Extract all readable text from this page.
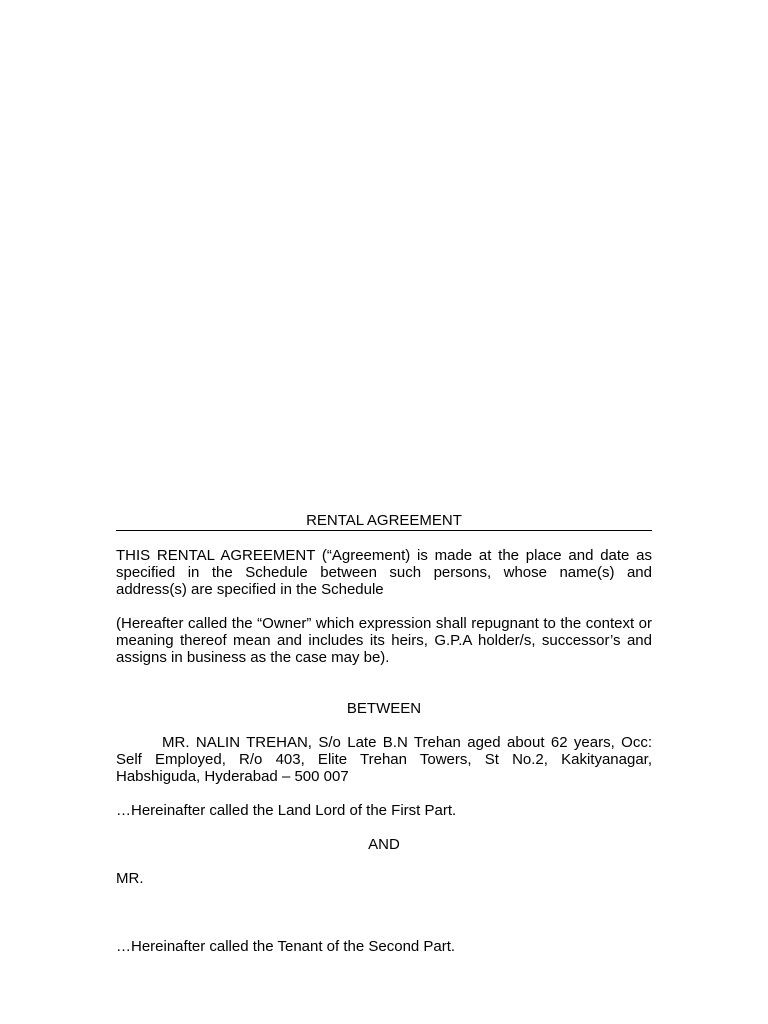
RENTAL AGREEMENT

THIS RENTAL AGREEMENT (“Agreement) is made at the place and date as specified in the Schedule between such persons, whose name(s) and address(s) are specified in the Schedule

(Hereafter called the “Owner” which expression shall repugnant to the context or meaning thereof mean and includes its heirs, G.P.A holder/s, successor’s and assigns in business as the case may be).

BETWEEN

MR. NALIN TREHAN, S/o Late B.N Trehan aged about 62 years, Occ: Self Employed, R/o 403, Elite Trehan Towers, St No.2, Kakityanagar, Habshiguda, Hyderabad – 500 007

…Hereinafter called the Land Lord of the First Part.

AND

MR.

…Hereinafter called the Tenant of the Second Part.
